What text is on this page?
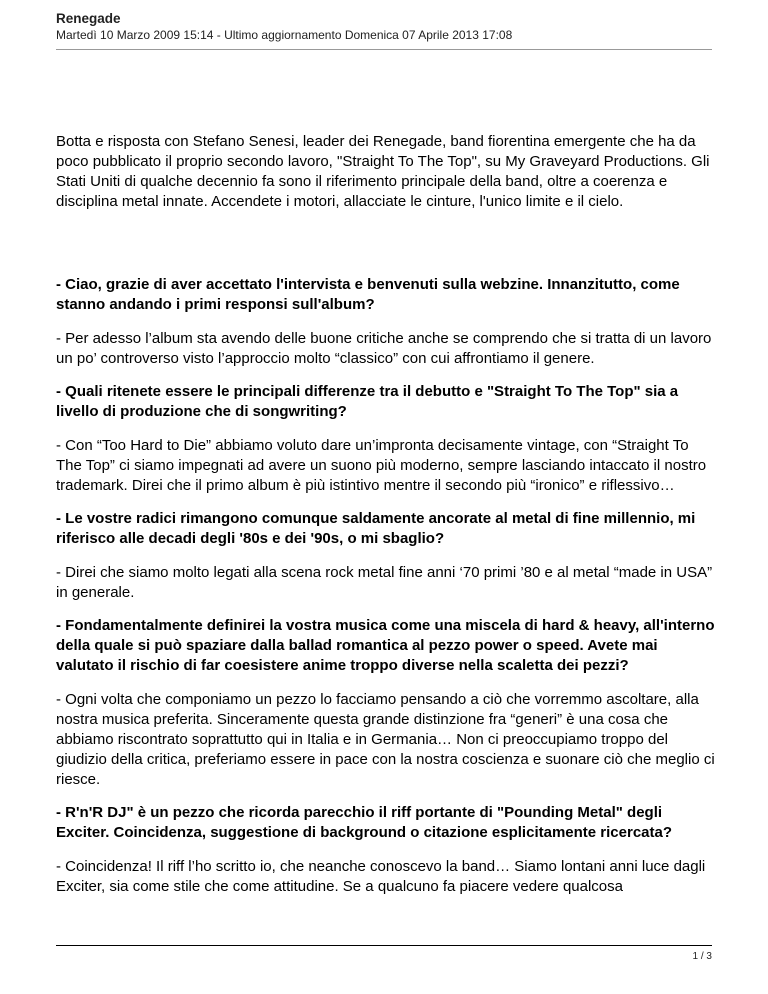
Renegade
Martedì 10 Marzo 2009 15:14 - Ultimo aggiornamento Domenica 07 Aprile 2013 17:08

Botta e risposta con Stefano Senesi, leader dei Renegade, band fiorentina emergente che ha da poco pubblicato il proprio secondo lavoro, "Straight To The Top", su My Graveyard Productions. Gli Stati Uniti di qualche decennio fa sono il riferimento principale della band, oltre a coerenza e disciplina metal innate. Accendete i motori, allacciate le cinture, l'unico limite e il cielo.

- Ciao, grazie di aver accettato l'intervista e benvenuti sulla webzine. Innanzitutto, come stanno andando i primi responsi sull'album?

- Per adesso l’album sta avendo delle buone critiche anche se comprendo che si tratta di un lavoro un po’ controverso visto l’approccio molto “classico” con cui affrontiamo il genere.

- Quali ritenete essere le principali differenze tra il debutto e "Straight To The Top" sia a livello di produzione che di songwriting?

- Con “Too Hard to Die” abbiamo voluto dare un’impronta decisamente vintage, con “Straight To The Top” ci siamo impegnati ad avere un suono più moderno, sempre lasciando intaccato il nostro trademark. Direi che il primo album è più istintivo mentre il secondo più “ironico” e riflessivo…

- Le vostre radici rimangono comunque saldamente ancorate al metal di fine millennio, mi riferisco alle decadi degli '80s e dei '90s, o mi sbaglio?

- Direi che siamo molto legati alla scena rock metal fine anni ‘70 primi ’80 e al metal “made in USA” in generale.

- Fondamentalmente definirei la vostra musica come una miscela di hard & heavy, all'interno della quale si può spaziare dalla ballad romantica al pezzo power o speed. Avete mai valutato il rischio di far coesistere anime troppo diverse nella scaletta dei pezzi?

- Ogni volta che componiamo un pezzo lo facciamo pensando a ciò che vorremmo ascoltare, alla nostra musica preferita. Sinceramente questa grande distinzione fra “generi” è una cosa che abbiamo riscontrato soprattutto qui in Italia e in Germania… Non ci preoccupiamo troppo del giudizio della critica, preferiamo essere in pace con la nostra coscienza e suonare ciò che meglio ci riesce.

- R'n'R DJ" è un pezzo che ricorda parecchio il riff portante di "Pounding Metal" degli Exciter. Coincidenza, suggestione di background o citazione esplicitamente ricercata?

- Coincidenza! Il riff l’ho scritto io, che neanche conoscevo la band… Siamo lontani anni luce dagli Exciter, sia come stile che come attitudine. Se a qualcuno fa piacere vedere qualcosa

1 / 3
